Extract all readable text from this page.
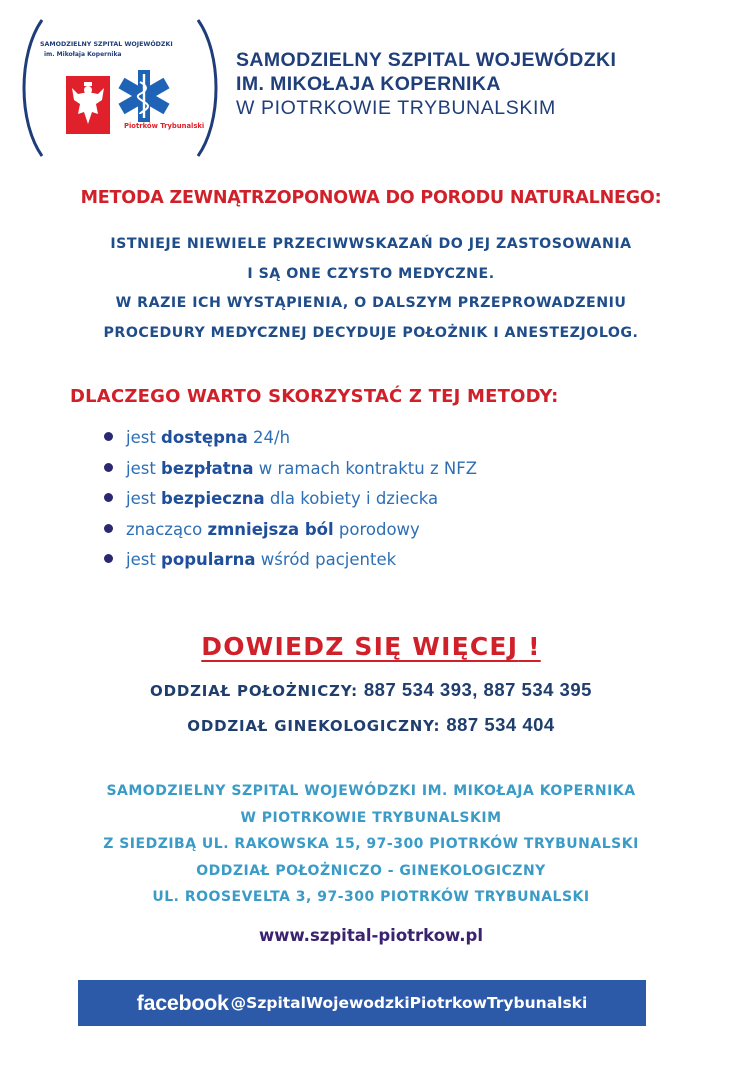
SAMODZIELNY SZPITAL WOJEWÓDZKI
im. Mikołaja Kopernika
Piotrków Trybunalski
SAMODZIELNY SZPITAL WOJEWÓDZKI
IM. MIKOŁAJA KOPERNIKA
W PIOTRKOWIE TRYBUNALSKIM
METODA ZEWNĄTRZOPONOWA DO PORODU NATURALNEGO:
ISTNIEJE NIEWIELE PRZECIWWSKAZAŃ DO JEJ ZASTOSOWANIA
I SĄ ONE CZYSTO MEDYCZNE.
W RAZIE ICH WYSTĄPIENIA, O DALSZYM PRZEPROWADZENIU
PROCEDURY MEDYCZNEJ DECYDUJE POŁOŻNIK I ANESTEZJOLOG.
DLACZEGO WARTO SKORZYSTAĆ Z TEJ METODY:
jest dostępna 24/h
jest bezpłatna w ramach kontraktu z NFZ
jest bezpieczna dla kobiety i dziecka
znacząco zmniejsza ból porodowy
jest popularna wśród pacjentek
DOWIEDZ SIĘ WIĘCEJ !
ODDZIAŁ POŁOŻNICZY: 887 534 393, 887 534 395
ODDZIAŁ GINEKOLOGICZNY: 887 534 404
SAMODZIELNY SZPITAL WOJEWÓDZKI IM. MIKOŁAJA KOPERNIKA
W PIOTRKOWIE TRYBUNALSKIM
Z SIEDZIBĄ UL. RAKOWSKA 15, 97-300 PIOTRKÓW TRYBUNALSKI
ODDZIAŁ POŁOŻNICZO - GINEKOLOGICZNY
UL. ROOSEVELTA 3, 97-300 PIOTRKÓW TRYBUNALSKI
www.szpital-piotrkow.pl
facebook @SzpitalWojewodzkiPiotrkowTrybunalski
